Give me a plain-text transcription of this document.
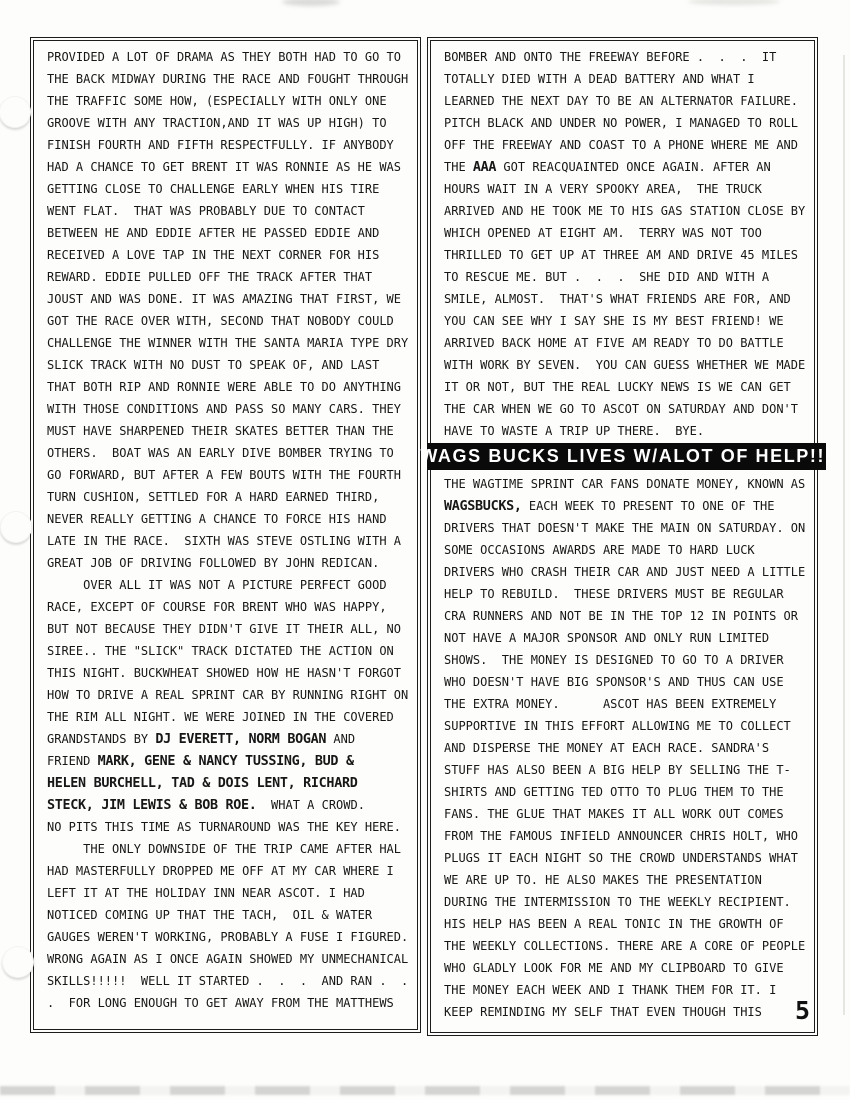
PROVIDED A LOT OF DRAMA AS THEY BOTH HAD TO GO TO
THE BACK MIDWAY DURING THE RACE AND FOUGHT THROUGH
THE TRAFFIC SOME HOW, (ESPECIALLY WITH ONLY ONE
GROOVE WITH ANY TRACTION,AND IT WAS UP HIGH) TO
FINISH FOURTH AND FIFTH RESPECTFULLY. IF ANYBODY
HAD A CHANCE TO GET BRENT IT WAS RONNIE AS HE WAS
GETTING CLOSE TO CHALLENGE EARLY WHEN HIS TIRE
WENT FLAT.  THAT WAS PROBABLY DUE TO CONTACT
BETWEEN HE AND EDDIE AFTER HE PASSED EDDIE AND
RECEIVED A LOVE TAP IN THE NEXT CORNER FOR HIS
REWARD. EDDIE PULLED OFF THE TRACK AFTER THAT
JOUST AND WAS DONE. IT WAS AMAZING THAT FIRST, WE
GOT THE RACE OVER WITH, SECOND THAT NOBODY COULD
CHALLENGE THE WINNER WITH THE SANTA MARIA TYPE DRY
SLICK TRACK WITH NO DUST TO SPEAK OF, AND LAST
THAT BOTH RIP AND RONNIE WERE ABLE TO DO ANYTHING
WITH THOSE CONDITIONS AND PASS SO MANY CARS. THEY
MUST HAVE SHARPENED THEIR SKATES BETTER THAN THE
OTHERS.  BOAT WAS AN EARLY DIVE BOMBER TRYING TO
GO FORWARD, BUT AFTER A FEW BOUTS WITH THE FOURTH
TURN CUSHION, SETTLED FOR A HARD EARNED THIRD,
NEVER REALLY GETTING A CHANCE TO FORCE HIS HAND
LATE IN THE RACE.  SIXTH WAS STEVE OSTLING WITH A
GREAT JOB OF DRIVING FOLLOWED BY JOHN REDICAN.
OVER ALL IT WAS NOT A PICTURE PERFECT GOOD
RACE, EXCEPT OF COURSE FOR BRENT WHO WAS HAPPY,
BUT NOT BECAUSE THEY DIDN'T GIVE IT THEIR ALL, NO
SIREE.. THE "SLICK" TRACK DICTATED THE ACTION ON
THIS NIGHT. BUCKWHEAT SHOWED HOW HE HASN'T FORGOT
HOW TO DRIVE A REAL SPRINT CAR BY RUNNING RIGHT ON
THE RIM ALL NIGHT. WE WERE JOINED IN THE COVERED
GRANDSTANDS BY DJ EVERETT, NORM BOGAN AND
FRIEND MARK, GENE & NANCY TUSSING, BUD &
HELEN BURCHELL, TAD & DOIS LENT, RICHARD
STECK, JIM LEWIS & BOB ROE.  WHAT A CROWD.
NO PITS THIS TIME AS TURNAROUND WAS THE KEY HERE.
THE ONLY DOWNSIDE OF THE TRIP CAME AFTER HAL
HAD MASTERFULLY DROPPED ME OFF AT MY CAR WHERE I
LEFT IT AT THE HOLIDAY INN NEAR ASCOT. I HAD
NOTICED COMING UP THAT THE TACH,  OIL & WATER
GAUGES WEREN'T WORKING, PROBABLY A FUSE I FIGURED.
WRONG AGAIN AS I ONCE AGAIN SHOWED MY UNMECHANICAL
SKILLS!!!!!  WELL IT STARTED .  .  .  AND RAN .  .
.  FOR LONG ENOUGH TO GET AWAY FROM THE MATTHEWS
BOMBER AND ONTO THE FREEWAY BEFORE .  .  .  IT
TOTALLY DIED WITH A DEAD BATTERY AND WHAT I
LEARNED THE NEXT DAY TO BE AN ALTERNATOR FAILURE.
PITCH BLACK AND UNDER NO POWER, I MANAGED TO ROLL
OFF THE FREEWAY AND COAST TO A PHONE WHERE ME AND
THE AAA GOT REACQUAINTED ONCE AGAIN. AFTER AN
HOURS WAIT IN A VERY SPOOKY AREA,  THE TRUCK
ARRIVED AND HE TOOK ME TO HIS GAS STATION CLOSE BY
WHICH OPENED AT EIGHT AM.  TERRY WAS NOT TOO
THRILLED TO GET UP AT THREE AM AND DRIVE 45 MILES
TO RESCUE ME. BUT .  .  .  SHE DID AND WITH A
SMILE, ALMOST.  THAT'S WHAT FRIENDS ARE FOR, AND
YOU CAN SEE WHY I SAY SHE IS MY BEST FRIEND! WE
ARRIVED BACK HOME AT FIVE AM READY TO DO BATTLE
WITH WORK BY SEVEN.  YOU CAN GUESS WHETHER WE MADE
IT OR NOT, BUT THE REAL LUCKY NEWS IS WE CAN GET
THE CAR WHEN WE GO TO ASCOT ON SATURDAY AND DON'T
HAVE TO WASTE A TRIP UP THERE.  BYE.
WAGS BUCKS LIVES W/ALOT OF HELP!!!
THE WAGTIME SPRINT CAR FANS DONATE MONEY, KNOWN AS
WAGSBUCKS, EACH WEEK TO PRESENT TO ONE OF THE
DRIVERS THAT DOESN'T MAKE THE MAIN ON SATURDAY. ON
SOME OCCASIONS AWARDS ARE MADE TO HARD LUCK
DRIVERS WHO CRASH THEIR CAR AND JUST NEED A LITTLE
HELP TO REBUILD.  THESE DRIVERS MUST BE REGULAR
CRA RUNNERS AND NOT BE IN THE TOP 12 IN POINTS OR
NOT HAVE A MAJOR SPONSOR AND ONLY RUN LIMITED
SHOWS.  THE MONEY IS DESIGNED TO GO TO A DRIVER
WHO DOESN'T HAVE BIG SPONSOR'S AND THUS CAN USE
THE EXTRA MONEY.      ASCOT HAS BEEN EXTREMELY
SUPPORTIVE IN THIS EFFORT ALLOWING ME TO COLLECT
AND DISPERSE THE MONEY AT EACH RACE. SANDRA'S
STUFF HAS ALSO BEEN A BIG HELP BY SELLING THE T-
SHIRTS AND GETTING TED OTTO TO PLUG THEM TO THE
FANS. THE GLUE THAT MAKES IT ALL WORK OUT COMES
FROM THE FAMOUS INFIELD ANNOUNCER CHRIS HOLT, WHO
PLUGS IT EACH NIGHT SO THE CROWD UNDERSTANDS WHAT
WE ARE UP TO. HE ALSO MAKES THE PRESENTATION
DURING THE INTERMISSION TO THE WEEKLY RECIPIENT.
HIS HELP HAS BEEN A REAL TONIC IN THE GROWTH OF
THE WEEKLY COLLECTIONS. THERE ARE A CORE OF PEOPLE
WHO GLADLY LOOK FOR ME AND MY CLIPBOARD TO GIVE
THE MONEY EACH WEEK AND I THANK THEM FOR IT. I
KEEP REMINDING MY SELF THAT EVEN THOUGH THIS	5
